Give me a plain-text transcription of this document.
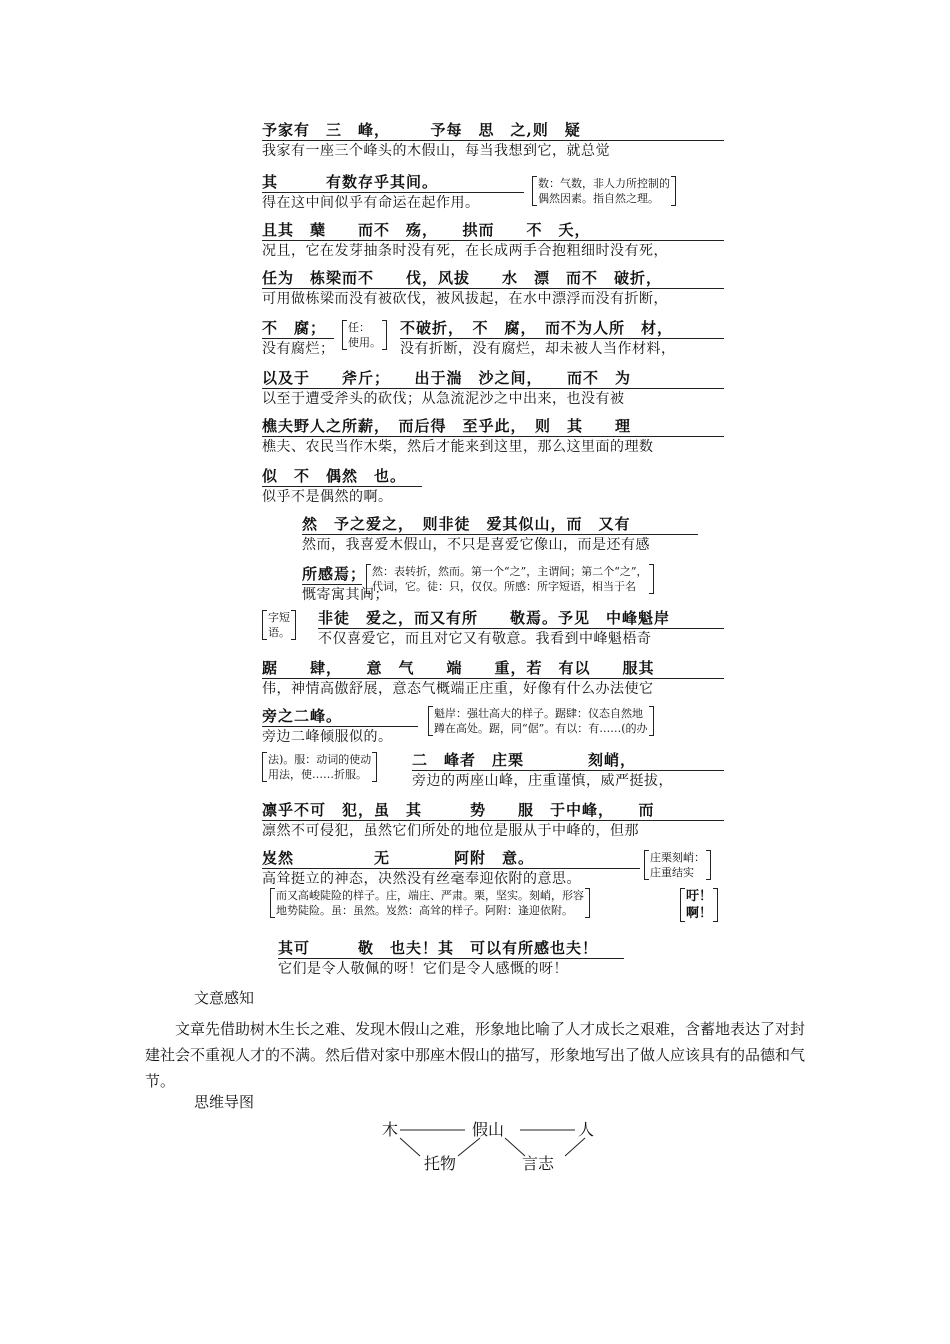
予家有　三　峰，　　　予每　思　之,则　疑
我家有一座三个峰头的木假山，每当我想到它，就总觉
其　　　有数存乎其间。
得在这中间似乎有命运在起作用。
数：气数，非人力所控制的
偶然因素。指自然之理。
且其　蘖　　而不　殇，　　拱而　　不　夭，
况且，它在发芽抽条时没有死，在长成两手合抱粗细时没有死，
任为　栋梁而不　　伐，风拔　　水　漂　而不　破折，
可用做栋梁而没有被砍伐，被风拔起，在水中漂浮而没有折断，
不　腐；
没有腐烂；
任：
使用。
不破折，　不　腐，　而不为人所　材，
没有折断，没有腐烂，却未被人当作材料，
以及于　　斧斤；　　出于湍　沙之间，　　而不　为
以至于遭受斧头的砍伐；从急流泥沙之中出来，也没有被
樵夫野人之所薪，　而后得　至乎此，　则　其　　理
樵夫、农民当作木柴，然后才能来到这里，那么这里面的理数
似　不　偶然　也。
似乎不是偶然的啊。
然　予之爱之，　则非徒　爱其似山，而　又有
然而，我喜爱木假山，不只是喜爱它像山，而是还有感
所感焉；
慨寄寓其间；
然：表转折，然而。第一个“之”，主谓间；第二个“之”，
代词，它。徒：只，仅仅。所感：所字短语，相当于名
字短
语。
非徒　爱之，而又有所　　敬焉。予见　中峰魁岸
不仅喜爱它，而且对它又有敬意。我看到中峰魁梧奇
踞　　肆，　　意　气　　端　　重，若　有以　　服其
伟，神情高傲舒展，意态气概端正庄重，好像有什么办法使它
旁之二峰。
旁边二峰倾服似的。
魁岸：强壮高大的样子。踞肆：仪态自然地
蹲在高处。踞，同“倨”。有以：有……(的办
法)。服：动词的使动
用法，使……折服。
二　峰者　庄栗　　　　刻峭，
旁边的两座山峰，庄重谨慎，威严挺拔，
凛乎不可　犯，虽　其　　　势　　服　于中峰，　　而
凛然不可侵犯，虽然它们所处的地位是服从于中峰的，但那
岌然　　　　　无　　　　阿附　意。
高耸挺立的神态，决然没有丝毫奉迎依附的意思。
庄栗刻峭：
庄重结实
而又高峻陡险的样子。庄，端庄、严肃。栗，坚实。刻峭，形容
地势陡险。虽：虽然。岌然：高耸的样子。阿附：逢迎依附。
吁！
啊！
其可　　　敬　也夫！其　可以有所感也夫！
它们是令人敬佩的呀！它们是令人感慨的呀！
文意感知
文章先借助树木生长之难、发现木假山之难，形象地比喻了人才成长之艰难，含蓄地表达了对封建社会不重视人才的不满。然后借对家中那座木假山的描写，形象地写出了做人应该具有的品德和气节。
思维导图
木	假山	人
托物	言志
